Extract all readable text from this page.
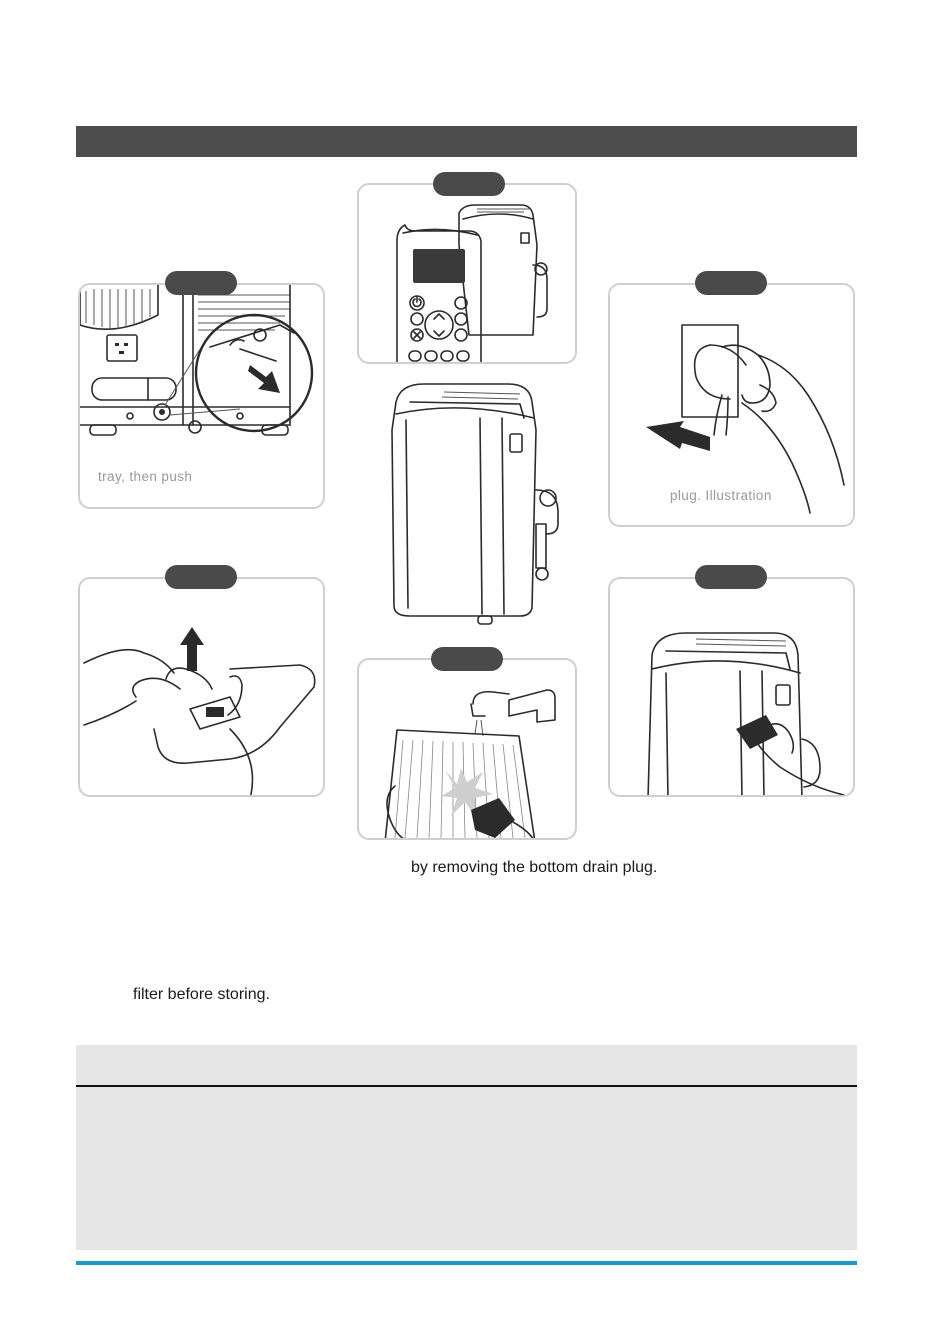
tray, then push
plug. Illustration
by removing the bottom drain plug.
filter before storing.
